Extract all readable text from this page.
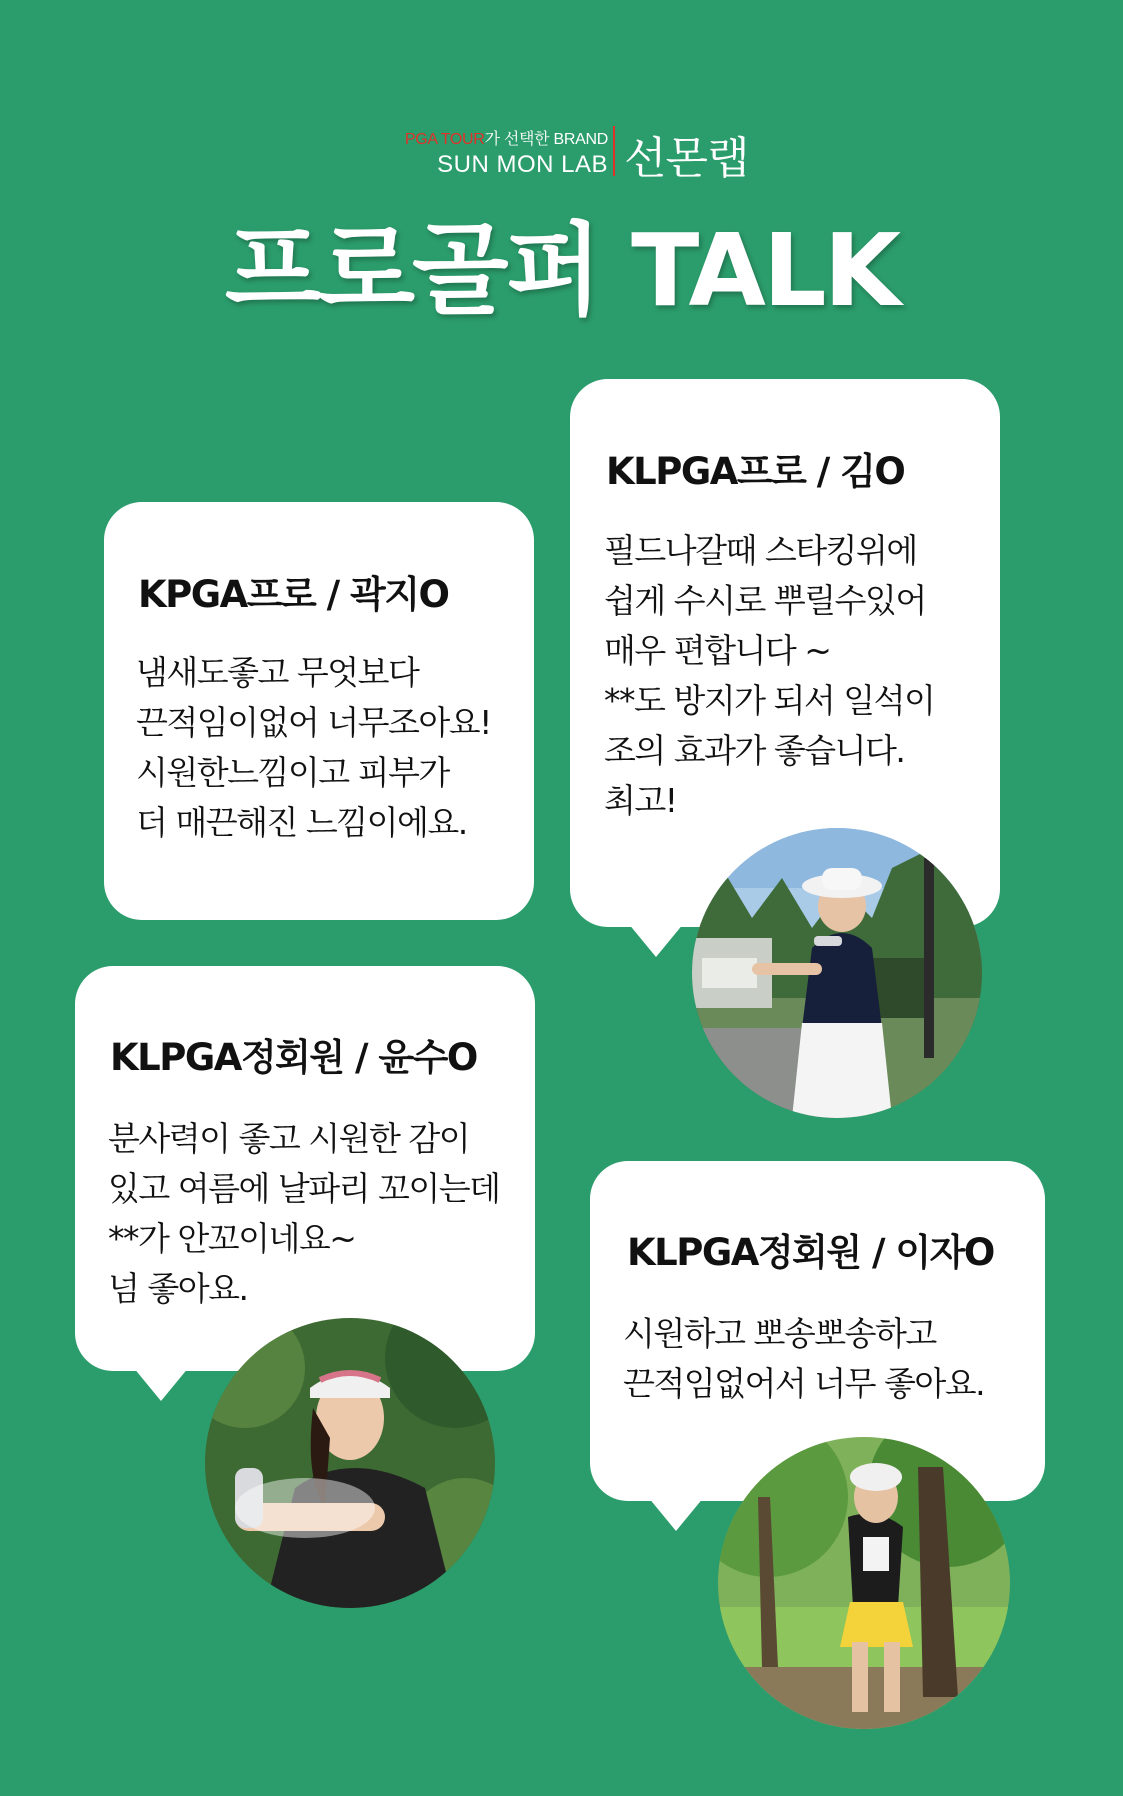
PGA TOUR가 선택한 BRAND
SUN MON LAB 선몬랩
프로골퍼 TALK
KPGA프로 / 곽지O
냄새도좋고 무엇보다
끈적임이없어 너무조아요!
시원한느낌이고 피부가
더 매끈해진 느낌이에요.
KLPGA프로 / 김O
필드나갈때 스타킹위에
쉽게 수시로 뿌릴수있어
매우 편합니다 ~
**도 방지가 되서 일석이
조의 효과가 좋습니다.
최고!
KLPGA정회원 / 윤수O
분사력이 좋고 시원한 감이
있고 여름에 날파리 꼬이는데
**가 안꼬이네요~
넘 좋아요.
KLPGA정회원 / 이자O
시원하고 뽀송뽀송하고
끈적임없어서 너무 좋아요.
